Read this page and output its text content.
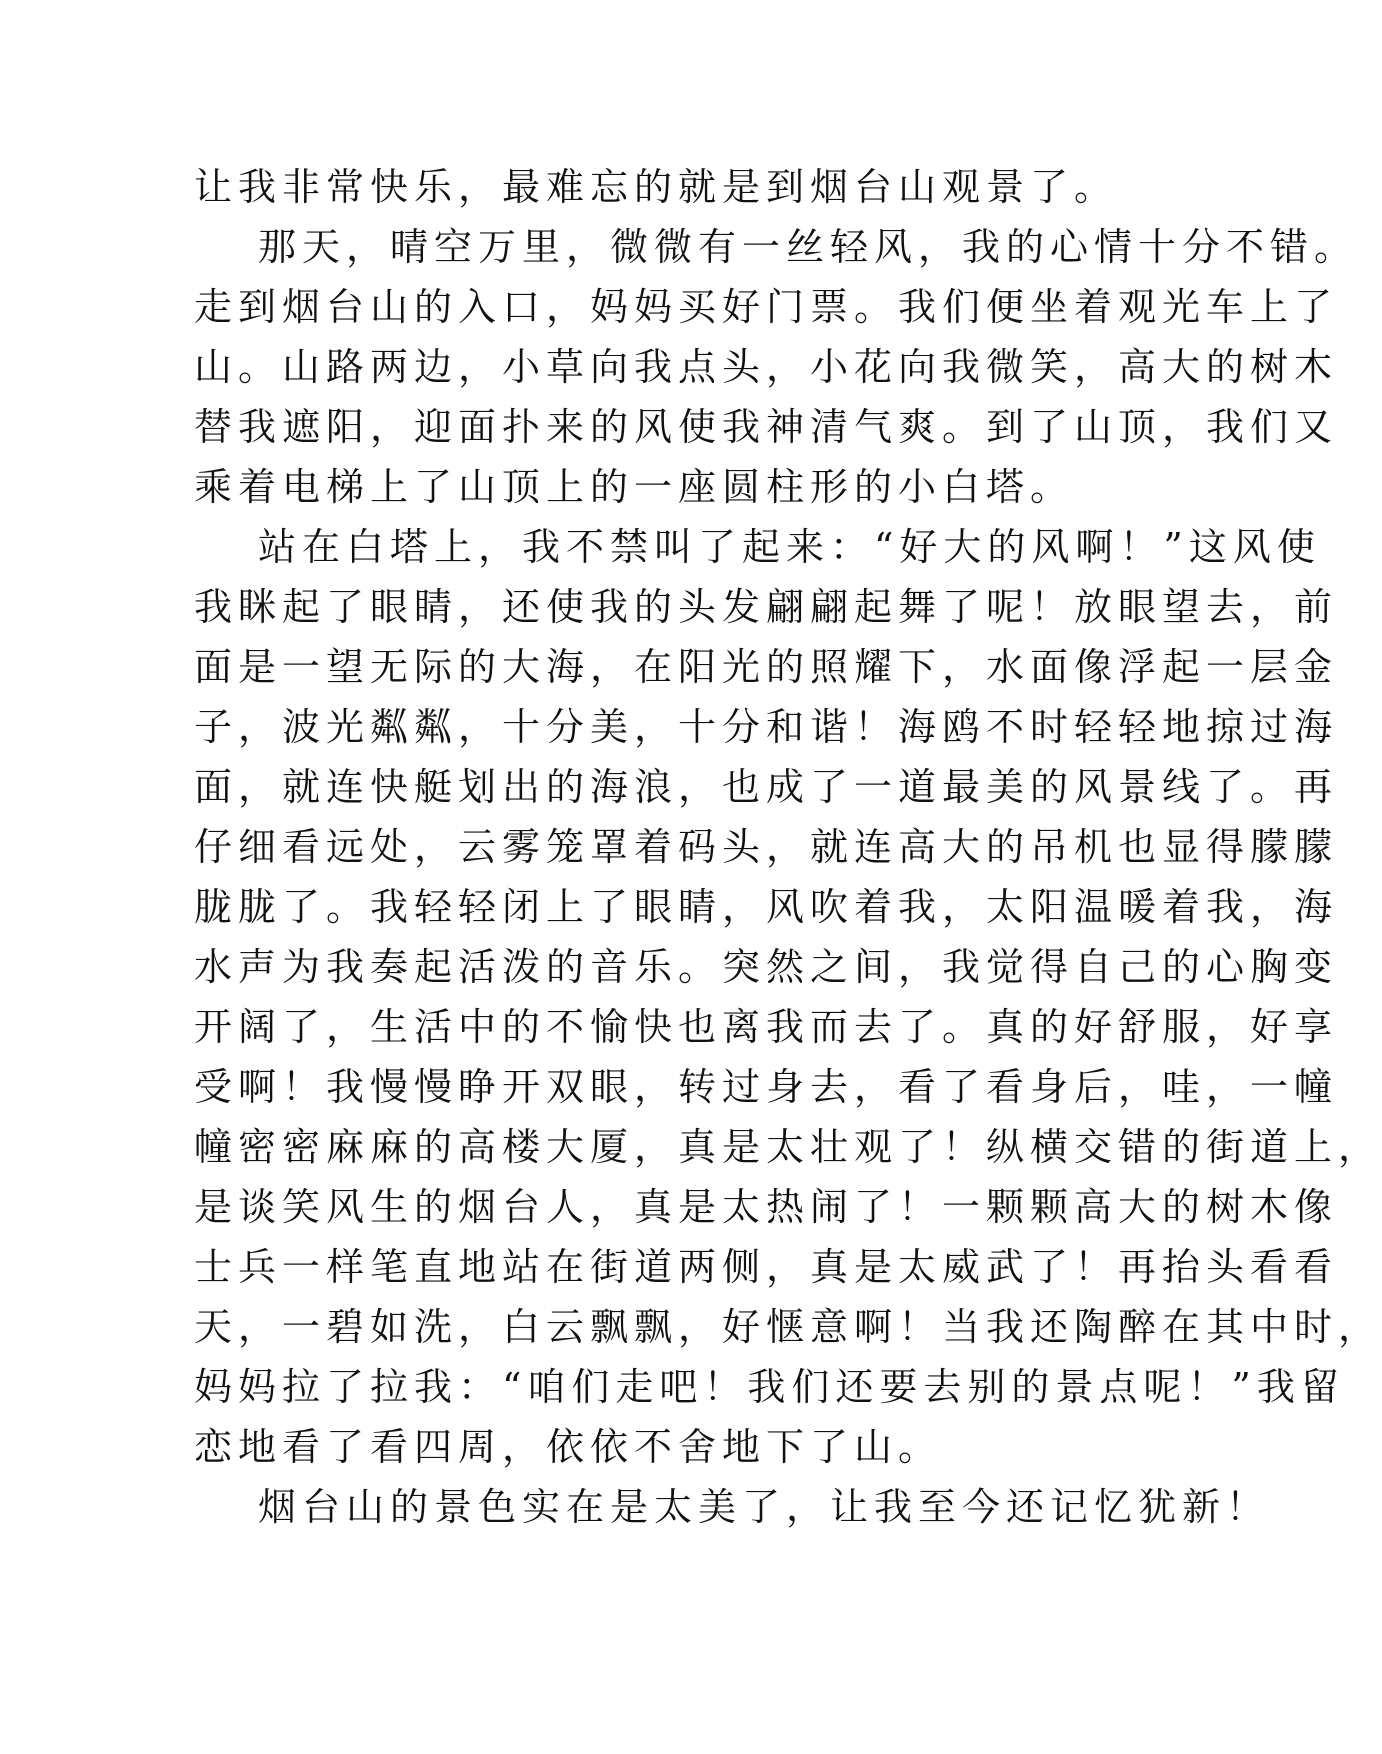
让我非常快乐，最难忘的就是到烟台山观景了。
那天，晴空万里，微微有一丝轻风，我的心情十分不错。
走到烟台山的入口，妈妈买好门票。我们便坐着观光车上了
山。山路两边，小草向我点头，小花向我微笑，高大的树木
替我遮阳，迎面扑来的风使我神清气爽。到了山顶，我们又
乘着电梯上了山顶上的一座圆柱形的小白塔。
站在白塔上，我不禁叫了起来：“好大的风啊！”这风使
我眯起了眼睛，还使我的头发翩翩起舞了呢！放眼望去，前
面是一望无际的大海，在阳光的照耀下，水面像浮起一层金
子，波光粼粼，十分美，十分和谐！海鸥不时轻轻地掠过海
面，就连快艇划出的海浪，也成了一道最美的风景线了。再
仔细看远处，云雾笼罩着码头，就连高大的吊机也显得朦朦
胧胧了。我轻轻闭上了眼睛，风吹着我，太阳温暖着我，海
水声为我奏起活泼的音乐。突然之间，我觉得自己的心胸变
开阔了，生活中的不愉快也离我而去了。真的好舒服，好享
受啊！我慢慢睁开双眼，转过身去，看了看身后，哇，一幢
幢密密麻麻的高楼大厦，真是太壮观了！纵横交错的街道上，
是谈笑风生的烟台人，真是太热闹了！一颗颗高大的树木像
士兵一样笔直地站在街道两侧，真是太威武了！再抬头看看
天，一碧如洗，白云飘飘，好惬意啊！当我还陶醉在其中时，
妈妈拉了拉我：“咱们走吧！我们还要去别的景点呢！”我留
恋地看了看四周，依依不舍地下了山。
烟台山的景色实在是太美了，让我至今还记忆犹新！
